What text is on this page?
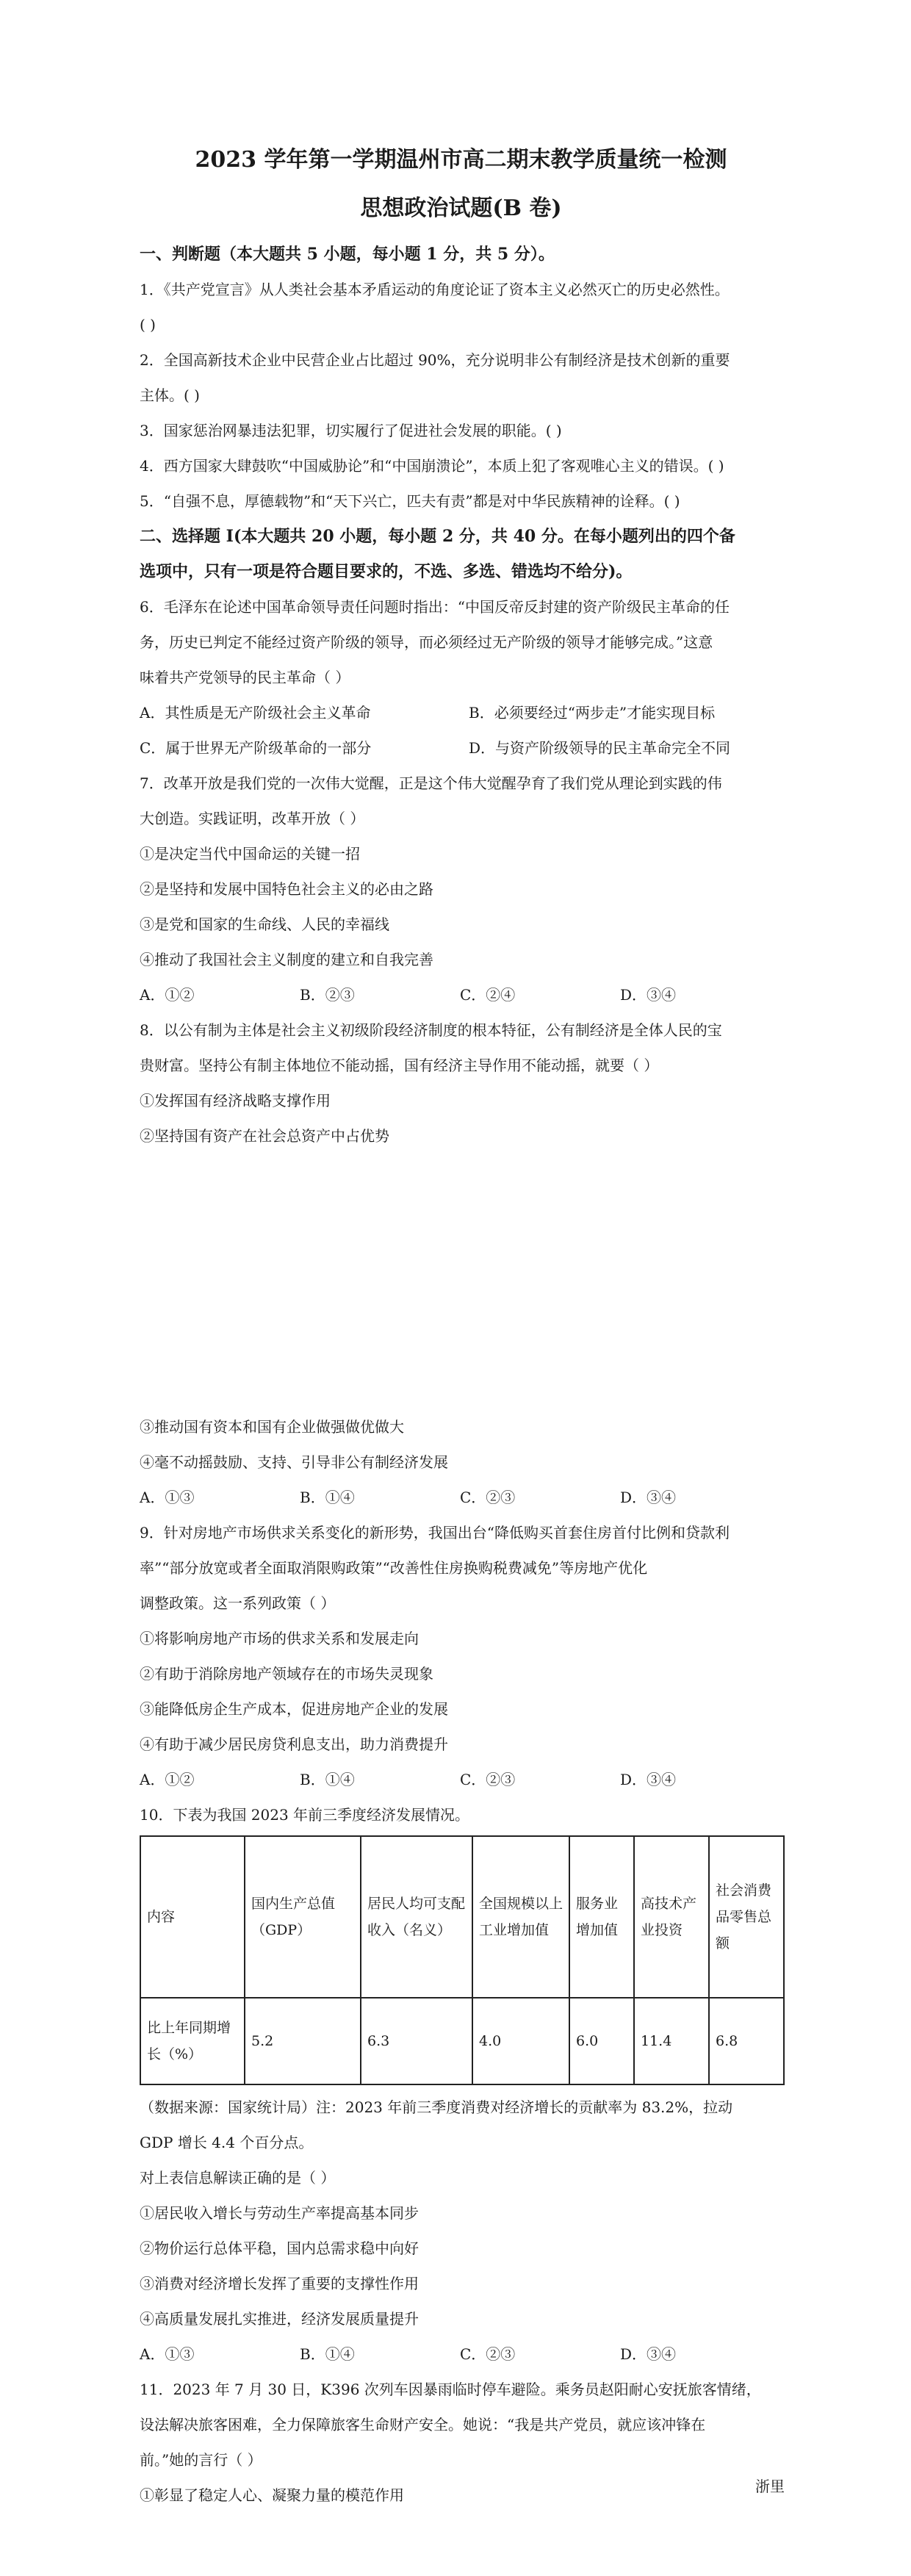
2023 学年第一学期温州市高二期末教学质量统一检测

思想政治试题(B 卷)

一、判断题（本大题共 5 小题，每小题 1 分，共 5 分）。

1．《共产党宣言》从人类社会基本矛盾运动的角度论证了资本主义必然灭亡的历史必然性。

( )

2．全国高新技术企业中民营企业占比超过 90%，充分说明非公有制经济是技术创新的重要

主体。( )

3．国家惩治网暴违法犯罪，切实履行了促进社会发展的职能。( )

4．西方国家大肆鼓吹“中国威胁论”和“中国崩溃论”，本质上犯了客观唯心主义的错误。( )

5．“自强不息，厚德载物”和“天下兴亡，匹夫有责”都是对中华民族精神的诠释。( )

二、选择题 I(本大题共 20 小题，每小题 2 分，共 40 分。在每小题列出的四个备

选项中，只有一项是符合题目要求的，不选、多选、错选均不给分)。

6．毛泽东在论述中国革命领导责任问题时指出：“中国反帝反封建的资产阶级民主革命的任

务，历史已判定不能经过资产阶级的领导，而必须经过无产阶级的领导才能够完成。”这意

味着共产党领导的民主革命（ ）

A．其性质是无产阶级社会主义革命	B．必须要经过“两步走”才能实现目标
C．属于世界无产阶级革命的一部分	D．与资产阶级领导的民主革命完全不同

7．改革开放是我们党的一次伟大觉醒，正是这个伟大觉醒孕育了我们党从理论到实践的伟

大创造。实践证明，改革开放（ ）

①是决定当代中国命运的关键一招

②是坚持和发展中国特色社会主义的必由之路

③是党和国家的生命线、人民的幸福线

④推动了我国社会主义制度的建立和自我完善

A．①②	B．②③	C．②④	D．③④

8．以公有制为主体是社会主义初级阶段经济制度的根本特征，公有制经济是全体人民的宝

贵财富。坚持公有制主体地位不能动摇，国有经济主导作用不能动摇，就要（ ）

①发挥国有经济战略支撑作用

②坚持国有资产在社会总资产中占优势

③推动国有资本和国有企业做强做优做大

④毫不动摇鼓励、支持、引导非公有制经济发展

A．①③	B．①④	C．②③	D．③④

9．针对房地产市场供求关系变化的新形势，我国出台“降低购买首套住房首付比例和贷款利

率”“部分放宽或者全面取消限购政策”“改善性住房换购税费减免”等房地产优化

调整政策。这一系列政策（ ）

①将影响房地产市场的供求关系和发展走向

②有助于消除房地产领域存在的市场失灵现象

③能降低房企生产成本，促进房地产企业的发展

④有助于减少居民房贷利息支出，助力消费提升

A．①②	B．①④	C．②③	D．③④

10．下表为我国 2023 年前三季度经济发展情况。

内容	国内生产总值（GDP）	居民人均可支配收入（名义）	全国规模以上工业增加值	服务业增加值	高技术产业投资	社会消费品零售总额
比上年同期增长（%）	5.2	6.3	4.0	6.0	11.4	6.8

（数据来源：国家统计局）注：2023 年前三季度消费对经济增长的贡献率为 83.2%，拉动

GDP 增长 4.4 个百分点。

对上表信息解读正确的是（ ）

①居民收入增长与劳动生产率提高基本同步

②物价运行总体平稳，国内总需求稳中向好

③消费对经济增长发挥了重要的支撑性作用

④高质量发展扎实推进，经济发展质量提升

A．①③	B．①④	C．②③	D．③④

11．2023 年 7 月 30 日，K396 次列车因暴雨临时停车避险。乘务员赵阳耐心安抚旅客情绪，

设法解决旅客困难，全力保障旅客生命财产安全。她说：“我是共产党员，就应该冲锋在

前。”她的言行（ ）

①彰显了稳定人心、凝聚力量的模范作用	浙里
